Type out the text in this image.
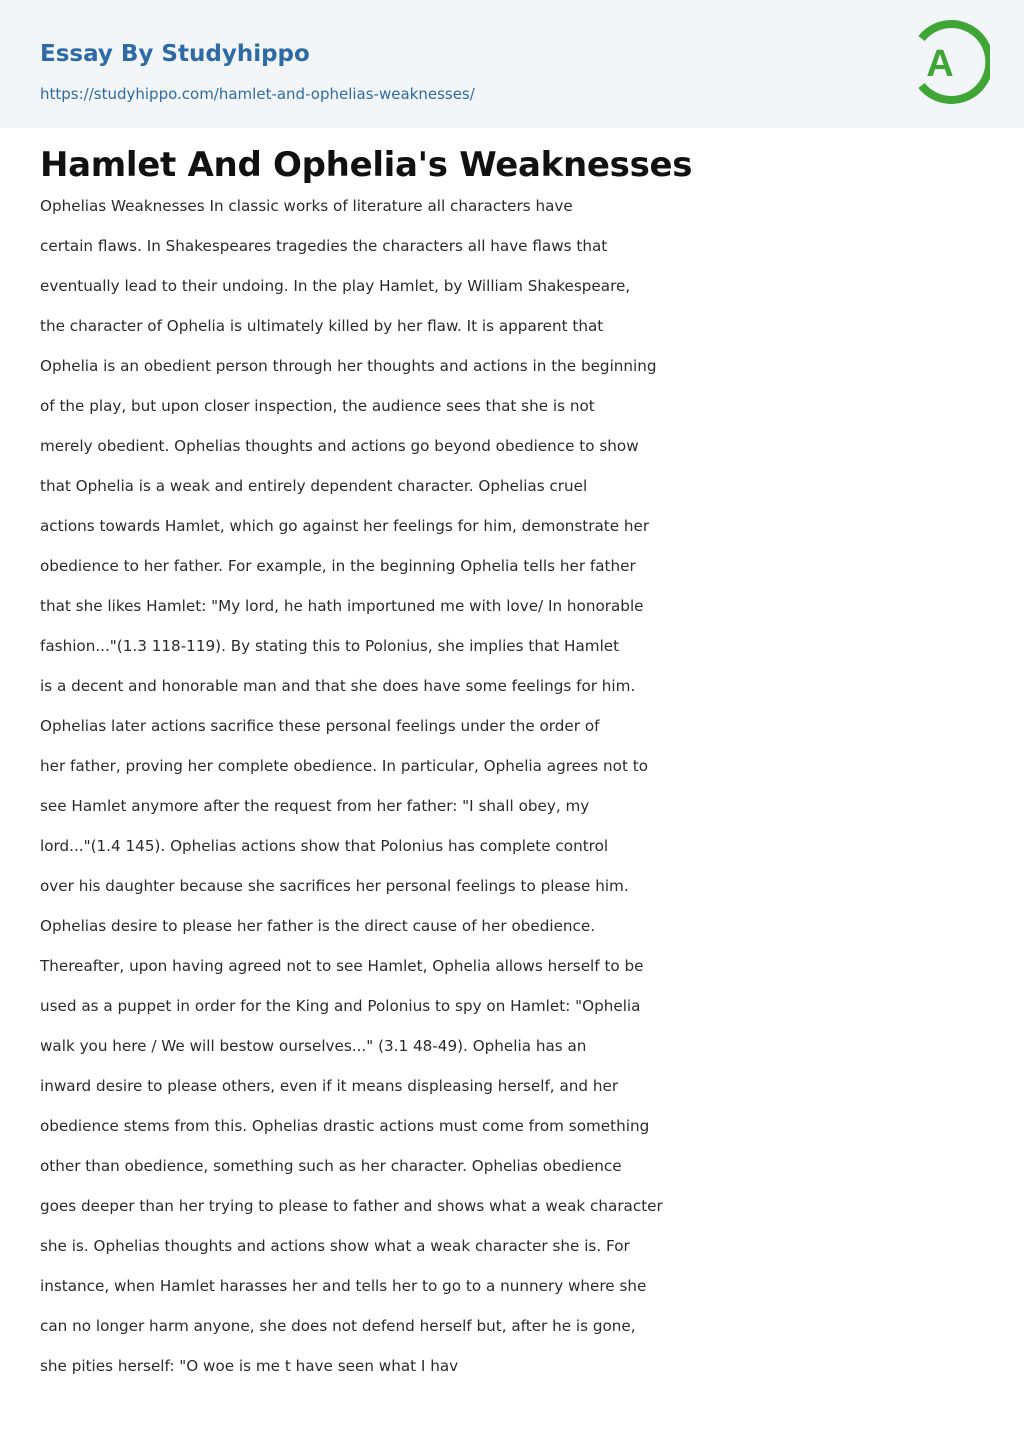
Essay By Studyhippo
https://studyhippo.com/hamlet-and-ophelias-weaknesses/
A
Hamlet And Ophelia's Weaknesses
Ophelias Weaknesses In classic works of literature all characters have
certain flaws. In Shakespeares tragedies the characters all have flaws that
eventually lead to their undoing. In the play Hamlet, by William Shakespeare,
the character of Ophelia is ultimately killed by her flaw. It is apparent that
Ophelia is an obedient person through her thoughts and actions in the beginning
of the play, but upon closer inspection, the audience sees that she is not
merely obedient. Ophelias thoughts and actions go beyond obedience to show
that Ophelia is a weak and entirely dependent character. Ophelias cruel
actions towards Hamlet, which go against her feelings for him, demonstrate her
obedience to her father. For example, in the beginning Ophelia tells her father
that she likes Hamlet: "My lord, he hath importuned me with love/ In honorable
fashion..."(1.3 118-119). By stating this to Polonius, she implies that Hamlet
is a decent and honorable man and that she does have some feelings for him.
Ophelias later actions sacrifice these personal feelings under the order of
her father, proving her complete obedience. In particular, Ophelia agrees not to
see Hamlet anymore after the request from her father: "I shall obey, my
lord..."(1.4 145). Ophelias actions show that Polonius has complete control
over his daughter because she sacrifices her personal feelings to please him.
Ophelias desire to please her father is the direct cause of her obedience.
Thereafter, upon having agreed not to see Hamlet, Ophelia allows herself to be
used as a puppet in order for the King and Polonius to spy on Hamlet: "Ophelia
walk you here / We will bestow ourselves..." (3.1 48-49). Ophelia has an
inward desire to please others, even if it means displeasing herself, and her
obedience stems from this. Ophelias drastic actions must come from something
other than obedience, something such as her character. Ophelias obedience
goes deeper than her trying to please to father and shows what a weak character
she is. Ophelias thoughts and actions show what a weak character she is. For
instance, when Hamlet harasses her and tells her to go to a nunnery where she
can no longer harm anyone, she does not defend herself but, after he is gone,
she pities herself: "O woe is me t have seen what I hav
